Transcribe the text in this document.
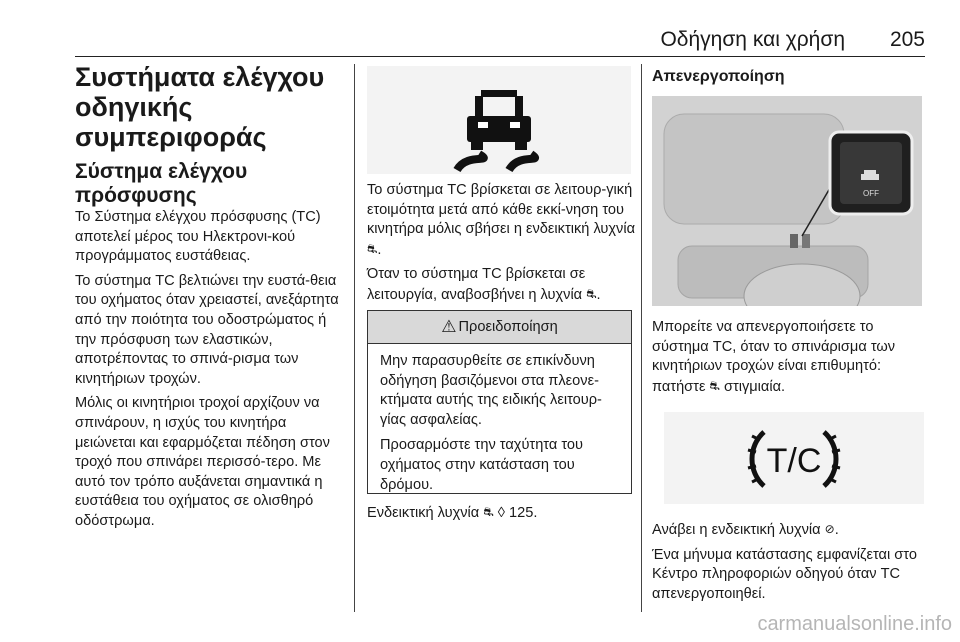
Οδήγηση και χρήση 205
Συστήματα ελέγχου οδηγικής συμπεριφοράς
Σύστημα ελέγχου πρόσφυσης

Το Σύστημα ελέγχου πρόσφυσης (TC) αποτελεί μέρος του Ηλεκτρονι-κού προγράμματος ευστάθειας.

Το σύστημα TC βελτιώνει την ευστά-θεια του οχήματος όταν χρειαστεί, ανεξάρτητα από την ποιότητα του οδοστρώματος ή την πρόσφυση των ελαστικών, αποτρέποντας το σπινά-ρισμα των κινητήριων τροχών.

Μόλις οι κινητήριοι τροχοί αρχίζουν να σπινάρουν, η ισχύς του κινητήρα μειώνεται και εφαρμόζεται πέδηση στον τροχό που σπινάρει περισσό-τερο. Με αυτό τον τρόπο αυξάνεται σημαντικά η ευστάθεια του οχήματος σε ολισθηρό οδόστρωμα.

Το σύστημα TC βρίσκεται σε λειτουρ-γική ετοιμότητα μετά από κάθε εκκί-νηση του κινητήρα μόλις σβήσει η ενδεικτική λυχνία ⛐.

Όταν το σύστημα TC βρίσκεται σε λειτουργία, αναβοσβήνει η λυχνία ⛐.

⚠ Προειδοποίηση

Μην παρασυρθείτε σε επικίνδυνη οδήγηση βασιζόμενοι στα πλεονε-κτήματα αυτής της ειδικής λειτουρ-γίας ασφαλείας.

Προσαρμόστε την ταχύτητα του οχήματος στην κατάσταση του δρόμου.

Ενδεικτική λυχνία ⛐ ◊ 125.
Απενεργοποίηση
OFF

Μπορείτε να απενεργοποιήσετε το σύστημα TC, όταν το σπινάρισμα των κινητήριων τροχών είναι επιθυμητό: πατήστε ⛐ στιγμιαία.

T/C

Ανάβει η ενδεικτική λυχνία ⊘.

Ένα μήνυμα κατάστασης εμφανίζεται στο Κέντρο πληροφοριών οδηγού όταν TC απενεργοποιηθεί.

carmanualsonline.info
